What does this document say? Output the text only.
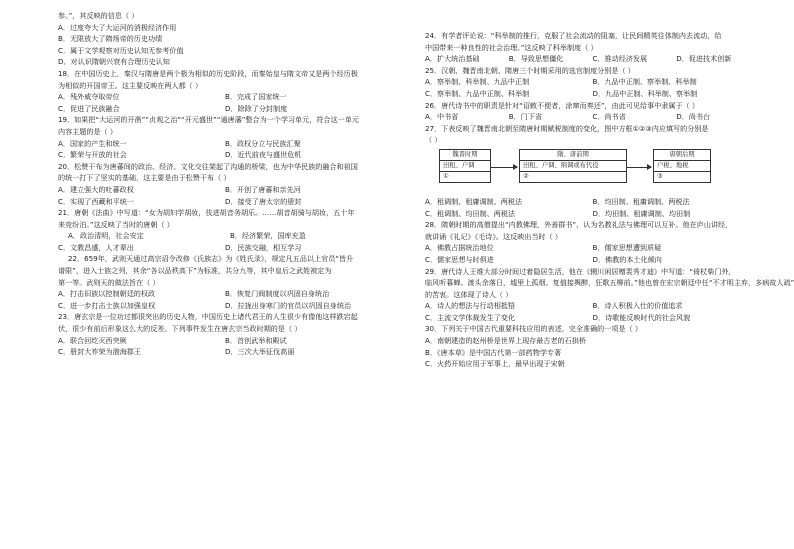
参。”，其反映的信息（ ）
A．过度夸大了大运河的消极经济作用
B．无限放大了隋炀帝的历史功绩
C．属于文学观察对历史认知无参考价值
D．对认识隋朝兴衰有合理历史认知
18．在中国历史上，秦汉与隋唐是两个极为相似的历史阶段，而秦始皇与隋文帝又是两个经历极
为相似的开国帝王。这主要反映在两人都（ ）
A．残外威夺取帝位	B．完成了国家统一
C．促进了民族融合	D．除除了分封制度
19．如果把“大运河的开凿”“贞观之治”“开元盛世”“通唐藩”整合为一个学习单元，符合这一单元
内容主题的是（ ）
A．国家的产生和统一	B．政权分立与民族汇聚
C．繁荣与开放的社会	D．近代前夜与盛世危机
20．松赞干布为唐蕃间的政治、经济、文化交往架起了沟通的桥梁，也为中华民族的融合和祖国
的统一打下了坚实的基础，这主要是由于松赞干布（ ）
A．建立强大的吐蕃政权	B．开创了唐蕃和亲先河
C．实现了西藏和平统一	D．接受了唐太宗的册封
21．唐朝《法曲》中写道：“女为胡妇学胡妆，伎进胡音务胡乐。……胡音胡骑与胡妆，五十年
来竞纷泊。”这反映了当时的唐朝（ ）
A．政治清明，社会安定	B．经济繁荣，国库充盈
C．文教昌盛，人才辈出	D．民族交融，相互学习
22．659年，武则天通过高宗诏令改修《氏族志》为《姓氏录》，规定凡五品以上官员“皆升
谱限”，进入士族之列，其余“各以品秩高下”为标准，共分九等，其中皇后之武姓被定为
第一等。武则天的做法旨在（ ）
A．打击旧族以控制朝廷的权政	B．恢复门阀制度以巩固自身统治
C．进一步打击士族以加强皇权	D．拉拢出身寒门的官员以巩固自身统治
23．唐玄宗是一位功过都很突出的历史人物，中国历史上诸代君王的人生很少有像他这样跌宕起
伏，很少有前后形象这么大的反差。下列事件发生在唐玄宗当政时期的是（ ）
A．联合回纥灭西突厥	B．首创武举和殿试
C．册封大祚荣为渤海郡王	D．三次大举征伐高丽
24．有学者评论说：“科举制的推行，克服了社会流动的阻塞，让民间精英往体制内去流动，给
中国带来一种良性的社会治理。”这反映了科举制度（ ）
A．扩大统治基础	B．导致思想僵化	C．推动经济发展	D．促进技术创新
25．汉朝、魏晋南北朝、隋唐三个时期采用的选官制度分别是（ ）
A．察举制、科举制、九品中正制	B．九品中正制、察举制、科举制
C．察举制、九品中正制、科举制	D．九品中正制、科举制、察举制
26．唐代诗书中的职责是针对“诏敕不便者，涂窜而奏还”，由此可见给事中隶属于（ ）
A．中书省	B．门下省	C．尚书省	D．尚书台
27．下表反映了魏晋南北朝至隋唐时期赋税制度的变化，图中方框①②③内应填写的分别是
（ ）
魏晋时期
田租、户调
①
隋、唐前期
田租、户调、绢调或布代役
②
唐朝后期
户税、地税
③
A．租调制、租庸调制、两税法	B．均田制、租庸调制、两税法
C．租调制、均田制、两税法	D．均田制、租庸调制、均田制
28．隋朝时期的高僧提出“内教佛理，外善群书”，认为名教礼法与佛理可以互补。他在庐山讲经，
就讲诵《礼记》《毛诗》。这反映出当时（ ）
A．佛教占据统治地位	B．儒家思想遭到质疑
C．儒家思想与时俱进	D．佛教的本土化倾向
29．唐代诗人王维大部分时间过着隐居生活，他在《辋川闲居赠裴秀才迪》中写道：“倚杖柴门外，
临风听暮蝉。渡头余落日，墟里上孤烟。复值接舆醉，狂歌五柳前。”他也曾在宏宗朝廷中任“不才明主弃，多病故人疏”
的苦衷。这体现了诗人（ ）
A．诗人的想法与行动相抵牾	B．诗人积极入仕的价值追求
C．主流文学体裁发生了变化	D．诗歌能反映时代的社会风貌
30．下列关于中国古代重要科技应用的表述，完全准确的一项是（ ）
A．南朝建造的赵州桥是世界上现存最古老的石拱桥
B．《唐本草》是中国古代第一部药物学专著
C．火药开始应用于军事上，最早出现于宋朝
